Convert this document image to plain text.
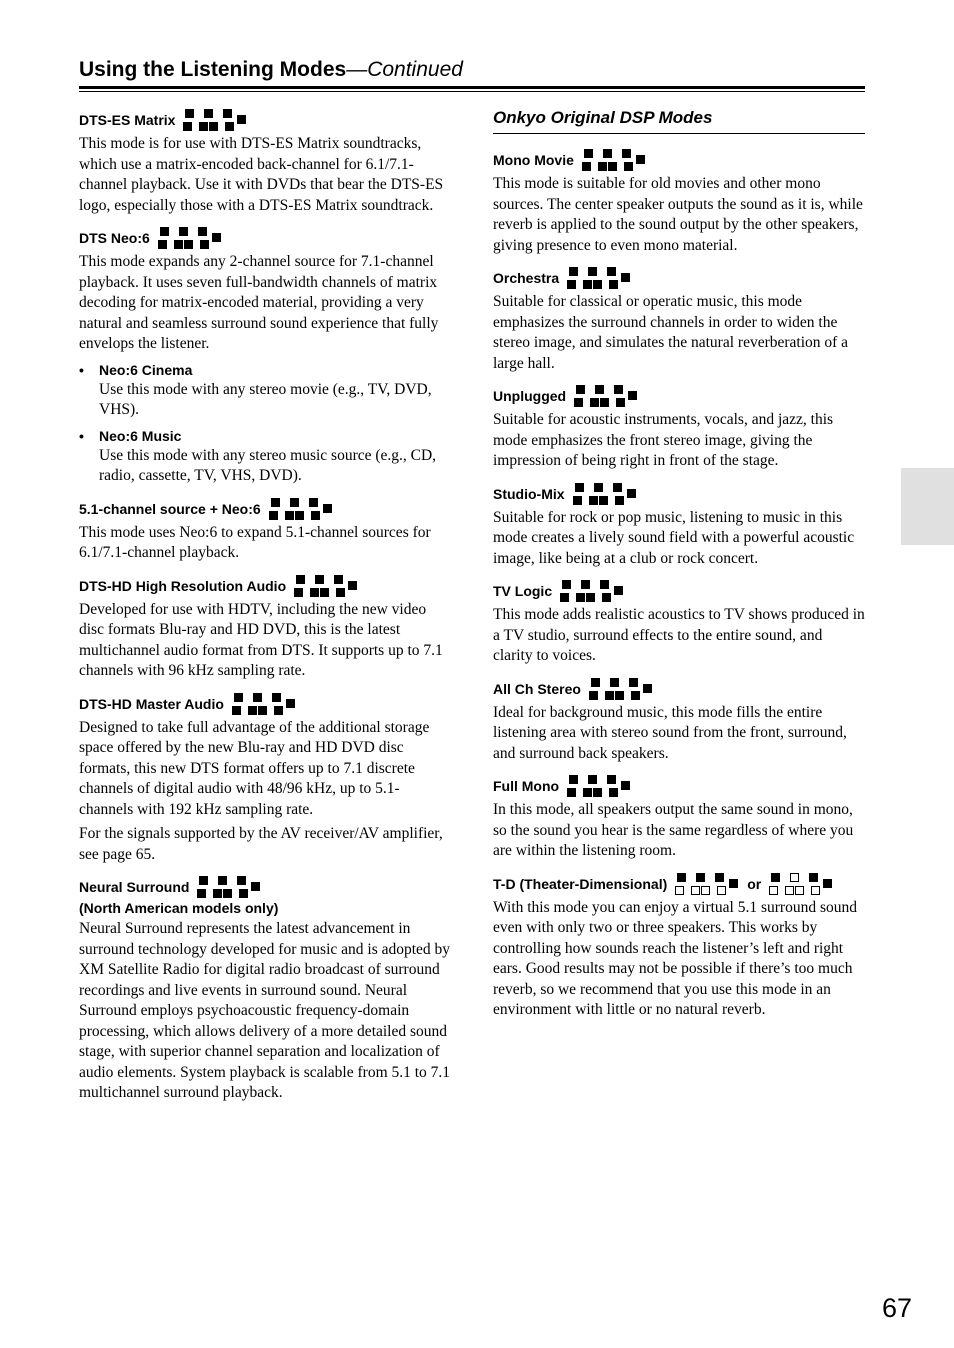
Using the Listening Modes—Continued
DTS-ES Matrix

This mode is for use with DTS-ES Matrix soundtracks, which use a matrix-encoded back-channel for 6.1/7.1-channel playback. Use it with DVDs that bear the DTS-ES logo, especially those with a DTS-ES Matrix soundtrack.

DTS Neo:6

This mode expands any 2-channel source for 7.1-channel playback. It uses seven full-bandwidth channels of matrix decoding for matrix-encoded material, providing a very natural and seamless surround sound experience that fully envelops the listener.

• Neo:6 Cinema
Use this mode with any stereo movie (e.g., TV, DVD, VHS).
• Neo:6 Music
Use this mode with any stereo music source (e.g., CD, radio, cassette, TV, VHS, DVD).
5.1-channel source + Neo:6

This mode uses Neo:6 to expand 5.1-channel sources for 6.1/7.1-channel playback.

DTS-HD High Resolution Audio

Developed for use with HDTV, including the new video disc formats Blu-ray and HD DVD, this is the latest multichannel audio format from DTS. It supports up to 7.1 channels with 96 kHz sampling rate.

DTS-HD Master Audio

Designed to take full advantage of the additional storage space offered by the new Blu-ray and HD DVD disc formats, this new DTS format offers up to 7.1 discrete channels of digital audio with 48/96 kHz, up to 5.1-channels with 192 kHz sampling rate.

For the signals supported by the AV receiver/AV amplifier, see page 65.

Neural Surround
(North American models only)

Neural Surround represents the latest advancement in surround technology developed for music and is adopted by XM Satellite Radio for digital radio broadcast of surround recordings and live events in surround sound. Neural Surround employs psychoacoustic frequency-domain processing, which allows delivery of a more detailed sound stage, with superior channel separation and localization of audio elements. System playback is scalable from 5.1 to 7.1 multichannel surround playback.

Onkyo Original DSP Modes
Mono Movie

This mode is suitable for old movies and other mono sources. The center speaker outputs the sound as it is, while reverb is applied to the sound output by the other speakers, giving presence to even mono material.

Orchestra

Suitable for classical or operatic music, this mode emphasizes the surround channels in order to widen the stereo image, and simulates the natural reverberation of a large hall.

Unplugged

Suitable for acoustic instruments, vocals, and jazz, this mode emphasizes the front stereo image, giving the impression of being right in front of the stage.

Studio-Mix

Suitable for rock or pop music, listening to music in this mode creates a lively sound field with a powerful acoustic image, like being at a club or rock concert.

TV Logic

This mode adds realistic acoustics to TV shows produced in a TV studio, surround effects to the entire sound, and clarity to voices.

All Ch Stereo

Ideal for background music, this mode fills the entire listening area with stereo sound from the front, surround, and surround back speakers.

Full Mono

In this mode, all speakers output the same sound in mono, so the sound you hear is the same regardless of where you are within the listening room.

T-D (Theater-Dimensional)	or

With this mode you can enjoy a virtual 5.1 surround sound even with only two or three speakers. This works by controlling how sounds reach the listener’s left and right ears. Good results may not be possible if there’s too much reverb, so we recommend that you use this mode in an environment with little or no natural reverb.

67
